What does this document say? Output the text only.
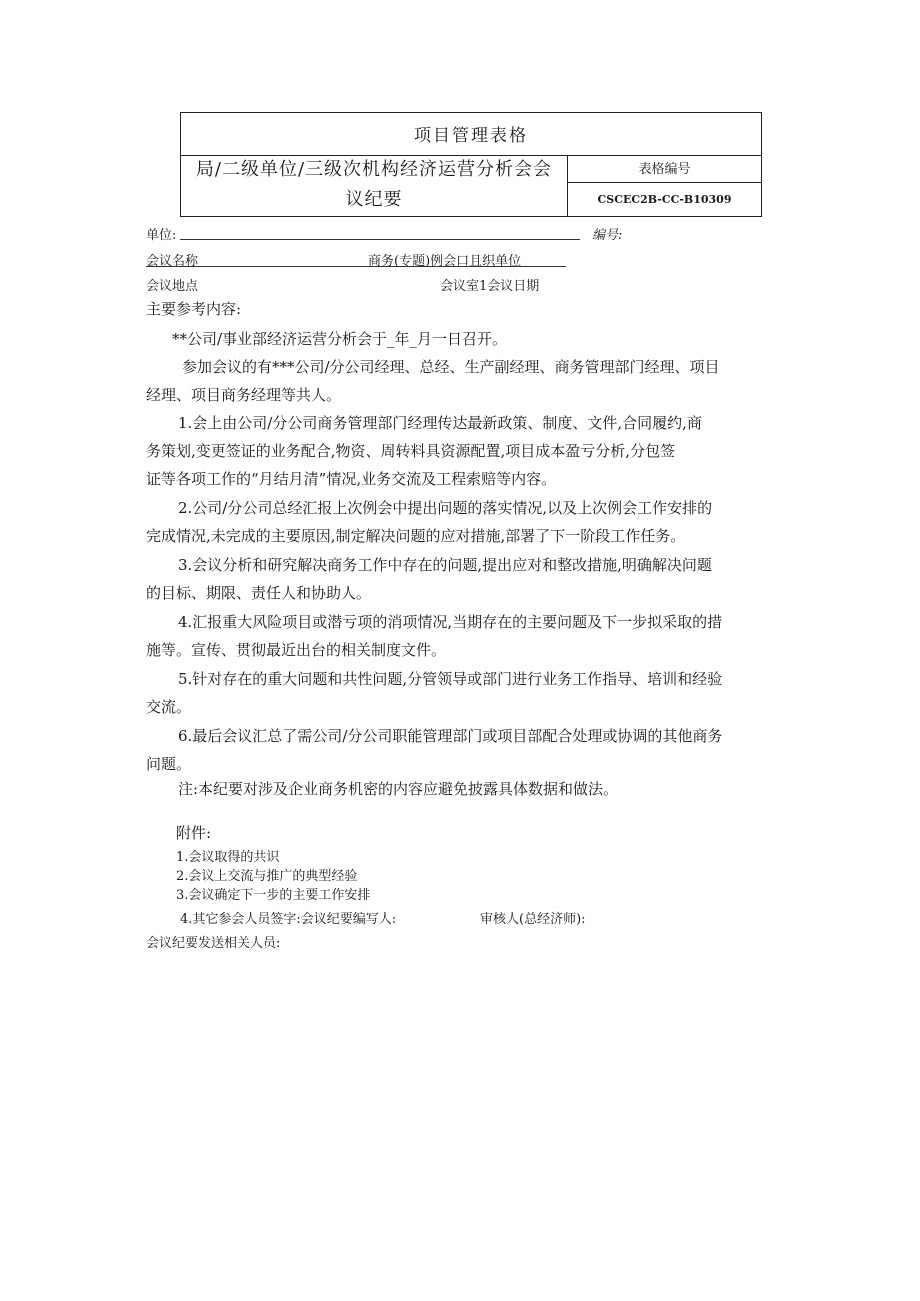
项目管理表格
局/二级单位/三级次机构经济运营分析会会
议纪要
表格编号
CSCEC2B-CC-B10309
单位:	编号:
会议名称	商务(专题)例会口且织单位
会议地点	会议室1会议日期
主要参考内容:
**公司/事业部经济运营分析会于_年_月一日召开。
参加会议的有***公司/分公司经理、总经、生产副经理、商务管理部门经理、项目
经理、项目商务经理等共人。
1.会上由公司/分公司商务管理部门经理传达最新政策、制度、文件,合同履约,商
务策划,变更签证的业务配合,物资、周转料具资源配置,项目成本盈亏分析,分包签
证等各项工作的“月结月清”情况,业务交流及工程索赔等内容。
2.公司/分公司总经汇报上次例会中提出问题的落实情况,以及上次例会工作安排的
完成情况,未完成的主要原因,制定解决问题的应对措施,部署了下一阶段工作任务。
3.会议分析和研究解决商务工作中存在的问题,提出应对和整改措施,明确解决问题
的目标、期限、责任人和协助人。
4.汇报重大风险项目或潜亏项的消项情况,当期存在的主要问题及下一步拟采取的措
施等。宣传、贯彻最近出台的相关制度文件。
5.针对存在的重大问题和共性问题,分管领导或部门进行业务工作指导、培训和经验
交流。
6.最后会议汇总了需公司/分公司职能管理部门或项目部配合处理或协调的其他商务
问题。
注:本纪要对涉及企业商务机密的内容应避免披露具体数据和做法。
附件:
1.会议取得的共识
2.会议上交流与推广的典型经验
3.会议确定下一步的主要工作安排
4.其它参会人员签字:会议纪要编写人:	审核人(总经济师):
会议纪要发送相关人员:
